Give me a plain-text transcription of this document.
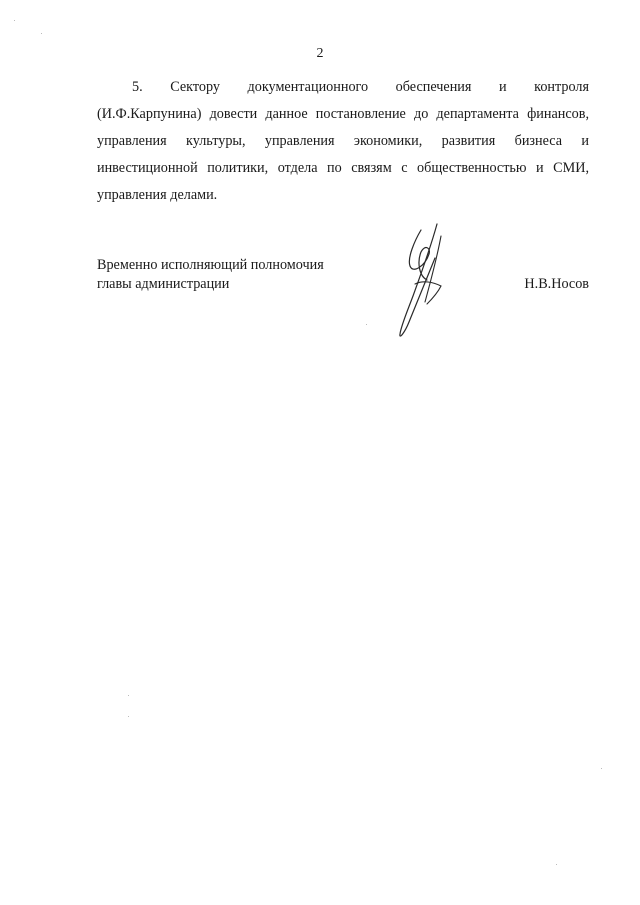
2
5. Сектору документационного обеспечения и контроля
(И.Ф.Карпунина) довести данное постановление до департамента финансов,
управления культуры, управления экономики, развития бизнеса и
инвестиционной политики, отдела по связям с общественностью и СМИ,
управления делами.
Временно исполняющий полномочия
главы администрации	Н.В.Носов
